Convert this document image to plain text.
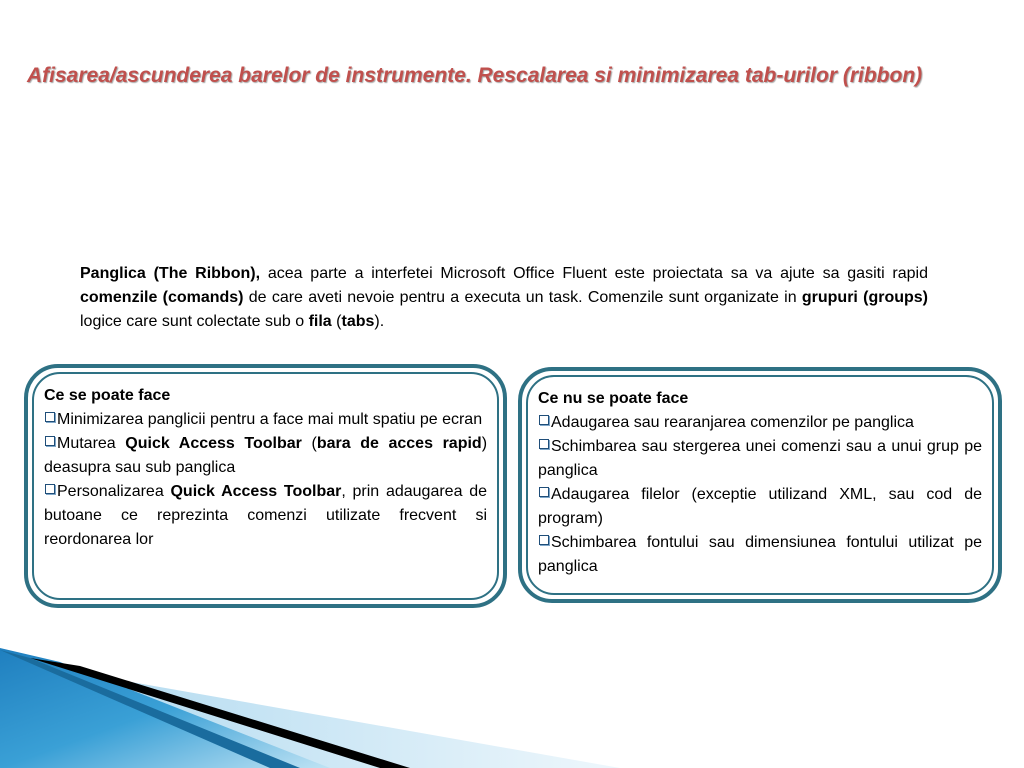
Afisarea/ascunderea barelor de instrumente. Rescalarea si minimizarea tab-urilor (ribbon)

Panglica (The Ribbon), acea parte a interfetei Microsoft Office Fluent este proiectata sa va ajute sa gasiti rapid comenzile (comands) de care aveti nevoie pentru a executa un task. Comenzile sunt organizate in grupuri (groups) logice care sunt colectate sub o fila (tabs).

Ce se poate face

Minimizarea panglicii pentru a face mai mult spatiu pe ecran

Mutarea Quick Access Toolbar (bara de acces rapid) deasupra sau sub panglica

Personalizarea Quick Access Toolbar, prin adaugarea de butoane ce reprezinta comenzi utilizate frecvent si reordonarea lor

Ce nu se poate face

Adaugarea sau rearanjarea comenzilor pe panglica

Schimbarea sau stergerea unei comenzi sau a unui grup pe panglica

Adaugarea filelor (exceptie utilizand XML, sau cod de program)

Schimbarea fontului sau dimensiunea fontului utilizat pe panglica
